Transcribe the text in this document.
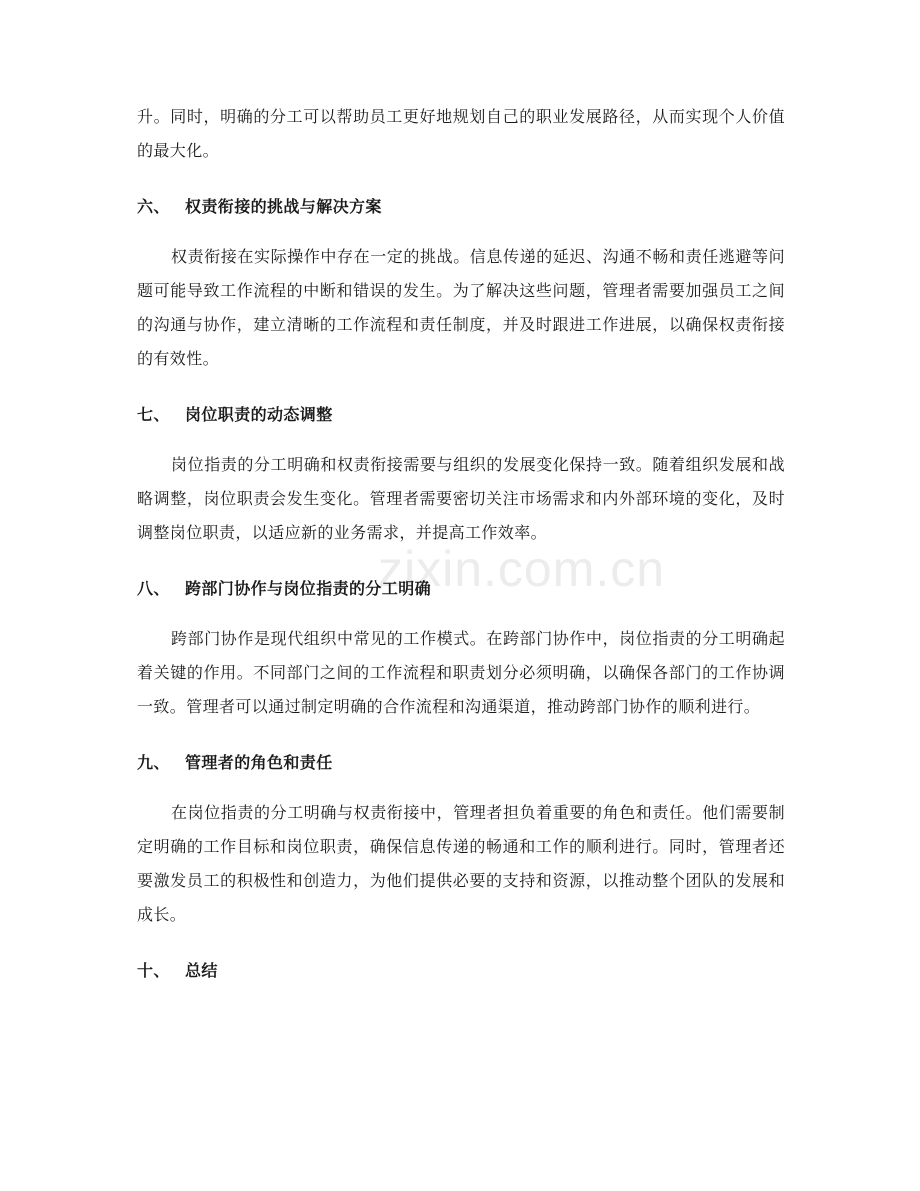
zixin.com.cn

升。同时，明确的分工可以帮助员工更好地规划自己的职业发展路径，从而实现个人价值的最大化。

六、 权责衔接的挑战与解决方案

权责衔接在实际操作中存在一定的挑战。信息传递的延迟、沟通不畅和责任逃避等问题可能导致工作流程的中断和错误的发生。为了解决这些问题，管理者需要加强员工之间的沟通与协作，建立清晰的工作流程和责任制度，并及时跟进工作进展，以确保权责衔接的有效性。

七、 岗位职责的动态调整

岗位指责的分工明确和权责衔接需要与组织的发展变化保持一致。随着组织发展和战略调整，岗位职责会发生变化。管理者需要密切关注市场需求和内外部环境的变化，及时调整岗位职责，以适应新的业务需求，并提高工作效率。

八、 跨部门协作与岗位指责的分工明确

跨部门协作是现代组织中常见的工作模式。在跨部门协作中，岗位指责的分工明确起着关键的作用。不同部门之间的工作流程和职责划分必须明确，以确保各部门的工作协调一致。管理者可以通过制定明确的合作流程和沟通渠道，推动跨部门协作的顺利进行。

九、 管理者的角色和责任

在岗位指责的分工明确与权责衔接中，管理者担负着重要的角色和责任。他们需要制定明确的工作目标和岗位职责，确保信息传递的畅通和工作的顺利进行。同时，管理者还要激发员工的积极性和创造力，为他们提供必要的支持和资源，以推动整个团队的发展和成长。

十、 总结
